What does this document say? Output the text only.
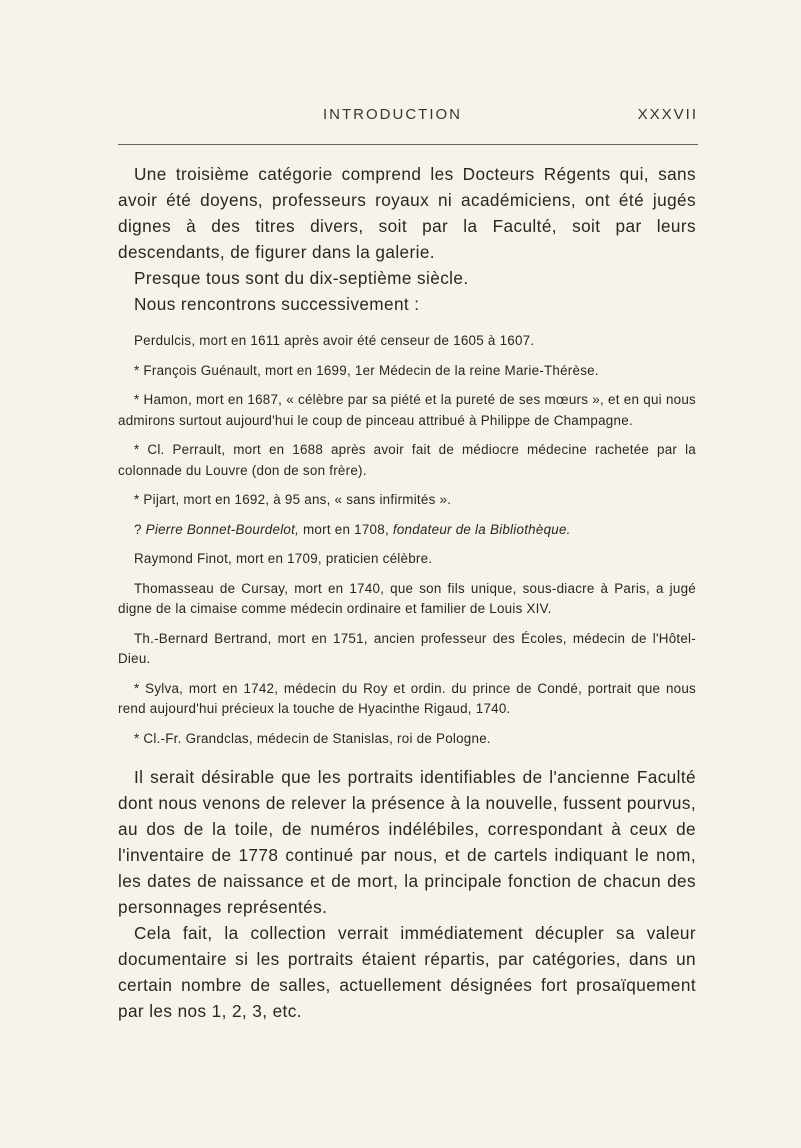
INTRODUCTION	XXXVII

Une troisième catégorie comprend les Docteurs Régents qui, sans avoir été doyens, professeurs royaux ni académiciens, ont été jugés dignes à des titres divers, soit par la Faculté, soit par leurs descendants, de figurer dans la galerie.

Presque tous sont du dix-septième siècle.

Nous rencontrons successivement :

Perdulcis, mort en 1611 après avoir été censeur de 1605 à 1607.

* François Guénault, mort en 1699, 1er Médecin de la reine Marie-Thérèse.

* Hamon, mort en 1687, « célèbre par sa piété et la pureté de ses mœurs », et en qui nous admirons surtout aujourd'hui le coup de pinceau attribué à Philippe de Champagne.

* Cl. Perrault, mort en 1688 après avoir fait de médiocre médecine rachetée par la colonnade du Louvre (don de son frère).

* Pijart, mort en 1692, à 95 ans, « sans infirmités ».

? Pierre Bonnet-Bourdelot, mort en 1708, fondateur de la Bibliothèque.

Raymond Finot, mort en 1709, praticien célèbre.

Thomasseau de Cursay, mort en 1740, que son fils unique, sous-diacre à Paris, a jugé digne de la cimaise comme médecin ordinaire et familier de Louis XIV.

Th.-Bernard Bertrand, mort en 1751, ancien professeur des Écoles, médecin de l'Hôtel-Dieu.

* Sylva, mort en 1742, médecin du Roy et ordin. du prince de Condé, portrait que nous rend aujourd'hui précieux la touche de Hyacinthe Rigaud, 1740.

* Cl.-Fr. Grandclas, médecin de Stanislas, roi de Pologne.

Il serait désirable que les portraits identifiables de l'ancienne Faculté dont nous venons de relever la présence à la nouvelle, fussent pourvus, au dos de la toile, de numéros indélébiles, correspondant à ceux de l'inventaire de 1778 continué par nous, et de cartels indiquant le nom, les dates de naissance et de mort, la principale fonction de chacun des personnages représentés.

Cela fait, la collection verrait immédiatement décupler sa valeur documentaire si les portraits étaient répartis, par catégories, dans un certain nombre de salles, actuellement désignées fort prosaïquement par les nos 1, 2, 3, etc.
